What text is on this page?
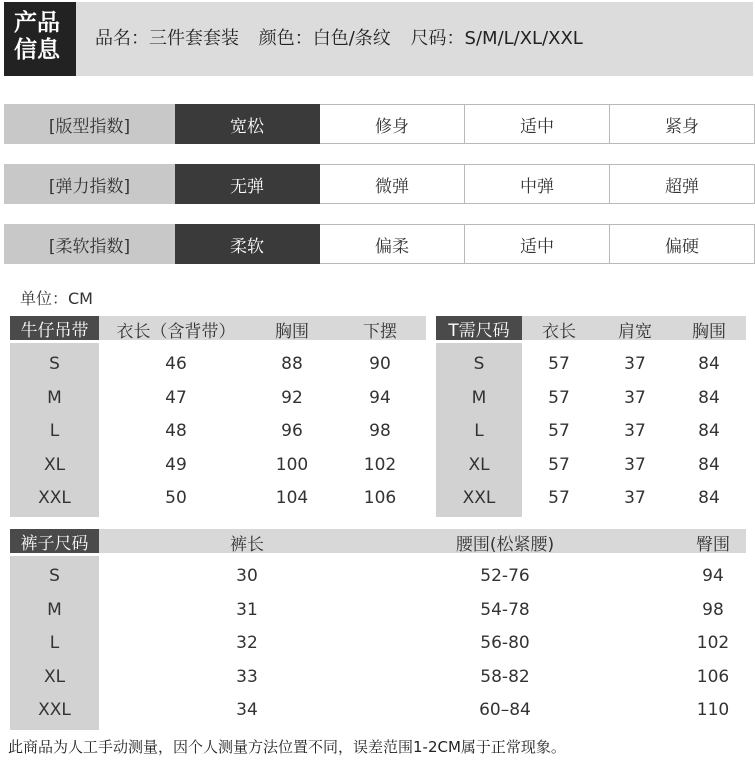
产品
信息	品名：三件套套装 颜色：白色/条纹 尺码：S/M/L/XL/XXL
[版型指数]	宽松	修身	适中	紧身
[弹力指数]	无弹	微弹	中弹	超弹
[柔软指数]	柔软	偏柔	适中	偏硬
单位：CM
牛仔吊带	衣长（含背带）	胸围	下摆
S	46	88	90
M	47	92	94
L	48	96	98
XL	49	100	102
XXL	50	104	106
T需尺码	衣长	肩宽	胸围
S	57	37	84
M	57	37	84
L	57	37	84
XL	57	37	84
XXL	57	37	84
裤子尺码	裤长	腰围(松紧腰)	臀围
S	30	52-76	94
M	31	54-78	98
L	32	56-80	102
XL	33	58-82	106
XXL	34	60–84	110
此商品为人工手动测量，因个人测量方法位置不同，误差范围1-2CM属于正常现象。
